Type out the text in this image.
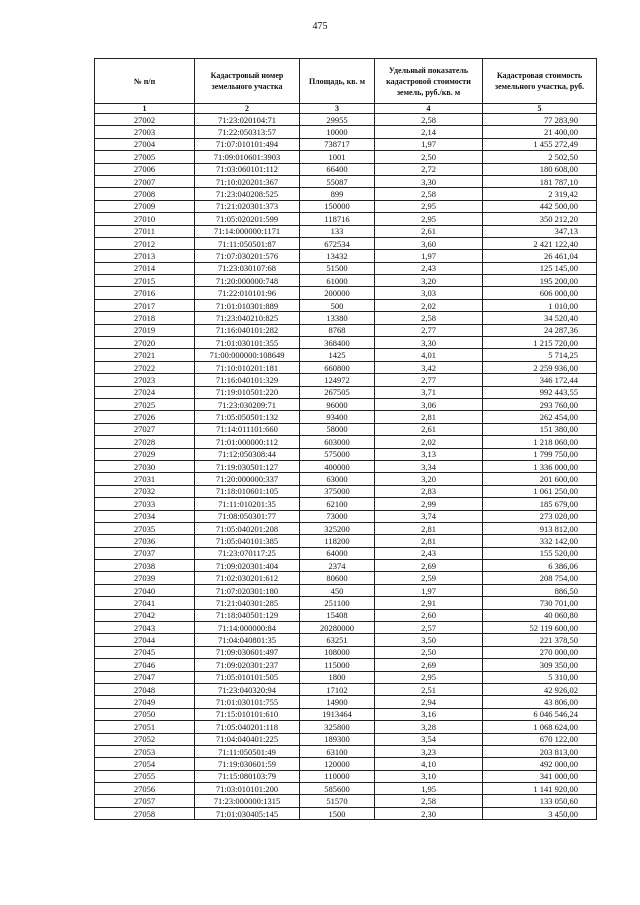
475
№ п/п	Кадастровый номер земельного участка	Площадь, кв. м	Удельный показатель кадастровой стоимости земель, руб./кв. м	Кадастровая стоимость земельного участка, руб.
1	2	3	4	5
27002	71:23:020104:71	29955	2,58	77 283,90
27003	71:22:050313:57	10000	2,14	21 400,00
27004	71:07:010101:494	738717	1,97	1 455 272,49
27005	71:09:010601:3903	1001	2,50	2 502,50
27006	71:03:060101:112	66400	2,72	180 608,00
27007	71:10:020201:367	55087	3,30	181 787,10
27008	71:23:040208:525	899	2,58	2 319,42
27009	71:21:020301:373	150000	2,95	442 500,00
27010	71:05:020201:599	118716	2,95	350 212,20
27011	71:14:000000:1171	133	2,61	347,13
27012	71:11:050501:87	672534	3,60	2 421 122,40
27013	71:07:030201:576	13432	1,97	26 461,04
27014	71:23:030107:68	51500	2,43	125 145,00
27015	71:20:000000:748	61000	3,20	195 200,00
27016	71:22:010101:96	200000	3,03	606 000,00
27017	71:01:010301:889	500	2,02	1 010,00
27018	71:23:040210:825	13380	2,58	34 520,40
27019	71:16:040101:282	8768	2,77	24 287,36
27020	71:01:030101:355	368400	3,30	1 215 720,00
27021	71:00:000000:108649	1425	4,01	5 714,25
27022	71:10:010201:181	660800	3,42	2 259 936,00
27023	71:16:040101:329	124972	2,77	346 172,44
27024	71:19:010501:220	267505	3,71	992 443,55
27025	71:23:030209:71	96000	3,06	293 760,00
27026	71:05:050501:132	93400	2,81	262 454,00
27027	71:14:011101:660	58000	2,61	151 380,00
27028	71:01:000000:112	603000	2,02	1 218 060,00
27029	71:12:050308:44	575000	3,13	1 799 750,00
27030	71:19:030501:127	400000	3,34	1 336 000,00
27031	71:20:000000:337	63000	3,20	201 600,00
27032	71:18:010601:105	375000	2,83	1 061 250,00
27033	71:11:010201:35	62100	2,99	185 679,00
27034	71:08:050301:77	73000	3,74	273 020,00
27035	71:05:040201:208	325200	2,81	913 812,00
27036	71:05:040101:385	118200	2,81	332 142,00
27037	71:23:070117:25	64000	2,43	155 520,00
27038	71:09:020301:404	2374	2,69	6 386,06
27039	71:02:030201:612	80600	2,59	208 754,00
27040	71:07:020301:180	450	1,97	886,50
27041	71:21:040301:285	251100	2,91	730 701,00
27042	71:18:040501:129	15408	2,60	40 060,80
27043	71:14:000000:84	20280000	2,57	52 119 600,00
27044	71:04:040801:35	63251	3,50	221 378,50
27045	71:09:030601:497	108000	2,50	270 000,00
27046	71:09:020301:237	115000	2,69	309 350,00
27047	71:05:010101:505	1800	2,95	5 310,00
27048	71:23:040320:94	17102	2,51	42 926,02
27049	71:01:030101:755	14900	2,94	43 806,00
27050	71:15:010101:610	1913464	3,16	6 046 546,24
27051	71:05:040201:118	325800	3,28	1 068 624,00
27052	71:04:040401:225	189300	3,54	670 122,00
27053	71:11:050501:49	63100	3,23	203 813,00
27054	71:19:030601:59	120000	4,10	492 000,00
27055	71:15:080103:79	110000	3,10	341 000,00
27056	71:03:010101:200	585600	1,95	1 141 920,00
27057	71:23:000000:1315	51570	2,58	133 050,60
27058	71:01:030405:145	1500	2,30	3 450,00
